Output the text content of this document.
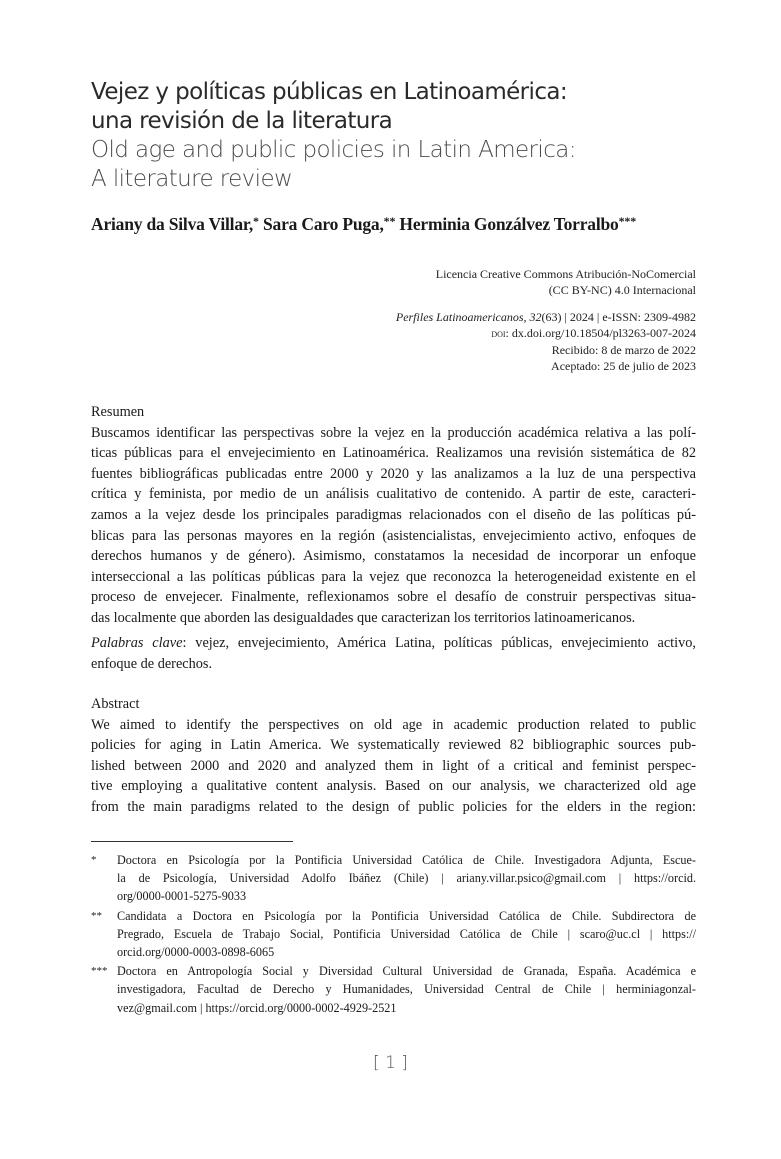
Vejez y políticas públicas en Latinoamérica:
una revisión de la literatura
Old age and public policies in Latin America:
A literature review
Ariany da Silva Villar,* Sara Caro Puga,** Herminia Gonzálvez Torralbo***
Licencia Creative Commons Atribución-NoComercial
(CC BY-NC) 4.0 Internacional
Perfiles Latinoamericanos, 32(63) | 2024 | e-ISSN: 2309-4982
doi: dx.doi.org/10.18504/pl3263-007-2024
Recibido: 8 de marzo de 2022
Aceptado: 25 de julio de 2023
Resumen
Buscamos identificar las perspectivas sobre la vejez en la producción académica relativa a las polí-
ticas públicas para el envejecimiento en Latinoamérica. Realizamos una revisión sistemática de 82
fuentes bibliográficas publicadas entre 2000 y 2020 y las analizamos a la luz de una perspectiva
crítica y feminista, por medio de un análisis cualitativo de contenido. A partir de este, caracteri-
zamos a la vejez desde los principales paradigmas relacionados con el diseño de las políticas pú-
blicas para las personas mayores en la región (asistencialistas, envejecimiento activo, enfoques de
derechos humanos y de género). Asimismo, constatamos la necesidad de incorporar un enfoque
interseccional a las políticas públicas para la vejez que reconozca la heterogeneidad existente en el
proceso de envejecer. Finalmente, reflexionamos sobre el desafío de construir perspectivas situa-
das localmente que aborden las desigualdades que caracterizan los territorios latinoamericanos.
Palabras clave: vejez, envejecimiento, América Latina, políticas públicas, envejecimiento activo,
enfoque de derechos.
Abstract
We aimed to identify the perspectives on old age in academic production related to public
policies for aging in Latin America. We systematically reviewed 82 bibliographic sources pub-
lished between 2000 and 2020 and analyzed them in light of a critical and feminist perspec-
tive employing a qualitative content analysis. Based on our analysis, we characterized old age
from the main paradigms related to the design of public policies for the elders in the region:
* Doctora en Psicología por la Pontificia Universidad Católica de Chile. Investigadora Adjunta, Escue-
la de Psicología, Universidad Adolfo Ibáñez (Chile) | ariany.villar.psico@gmail.com | https://orcid.
org/0000-0001-5275-9033
** Candidata a Doctora en Psicología por la Pontificia Universidad Católica de Chile. Subdirectora de
Pregrado, Escuela de Trabajo Social, Pontificia Universidad Católica de Chile | scaro@uc.cl | https://
orcid.org/0000-0003-0898-6065
*** Doctora en Antropología Social y Diversidad Cultural Universidad de Granada, España. Académica e
investigadora, Facultad de Derecho y Humanidades, Universidad Central de Chile | herminiagonzal-
vez@gmail.com | https://orcid.org/0000-0002-4929-2521
[ 1 ]
